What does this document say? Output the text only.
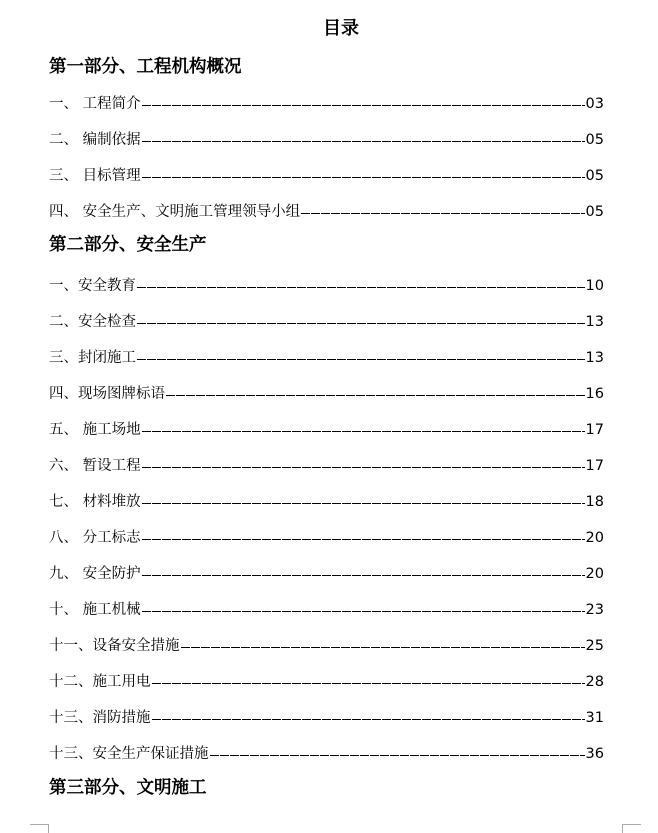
目录
第一部分、工程机构概况
一、 工程简介	03
二、 编制依据	05
三、 目标管理	05
四、 安全生产、文明施工管理领导小组	05
第二部分、安全生产
一、安全教育	10
二、安全检查	13
三、封闭施工	13
四、现场图牌标语	16
五、 施工场地	17
六、 暂设工程	17
七、 材料堆放	18
八、 分工标志	20
九、 安全防护	20
十、 施工机械	23
十一、设备安全措施	25
十二、施工用电	28
十三、消防措施	31
十三、安全生产保证措施	36
第三部分、文明施工
